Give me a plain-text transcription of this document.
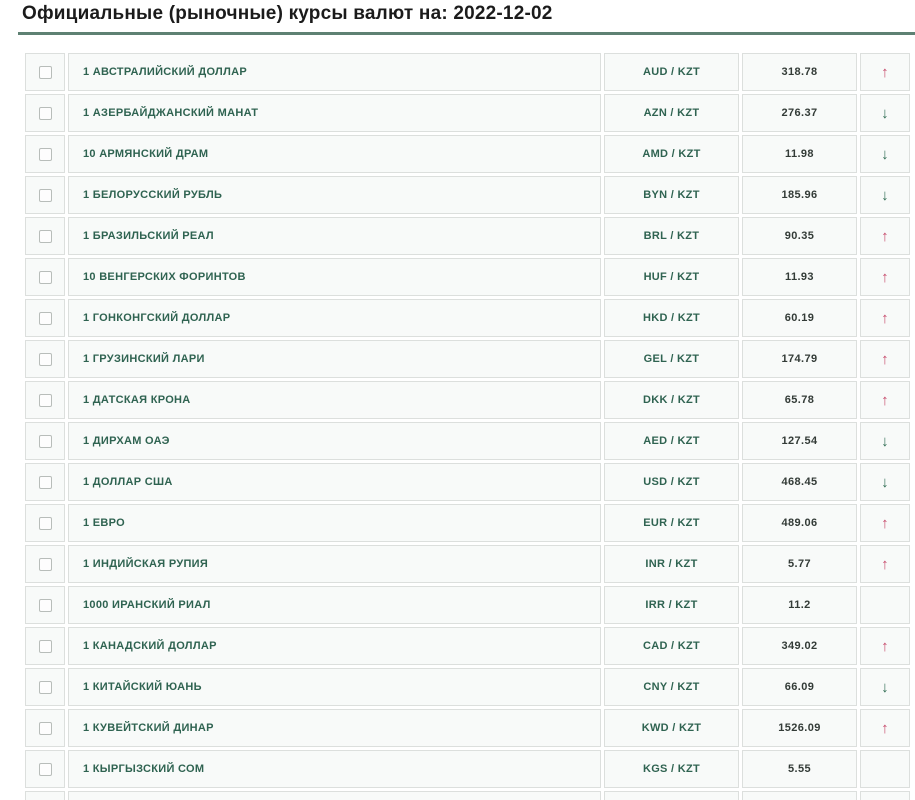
Официальные (рыночные) курсы валют на: 2022-12-02
	1 АВСТРАЛИЙСКИЙ ДОЛЛАР	AUD / KZT	318.78	↑
	1 АЗЕРБАЙДЖАНСКИЙ МАНАТ	AZN / KZT	276.37	↓
	10 АРМЯНСКИЙ ДРАМ	AMD / KZT	11.98	↓
	1 БЕЛОРУССКИЙ РУБЛЬ	BYN / KZT	185.96	↓
	1 БРАЗИЛЬСКИЙ РЕАЛ	BRL / KZT	90.35	↑
	10 ВЕНГЕРСКИХ ФОРИНТОВ	HUF / KZT	11.93	↑
	1 ГОНКОНГСКИЙ ДОЛЛАР	HKD / KZT	60.19	↑
	1 ГРУЗИНСКИЙ ЛАРИ	GEL / KZT	174.79	↑
	1 ДАТСКАЯ КРОНА	DKK / KZT	65.78	↑
	1 ДИРХАМ ОАЭ	AED / KZT	127.54	↓
	1 ДОЛЛАР США	USD / KZT	468.45	↓
	1 ЕВРО	EUR / KZT	489.06	↑
	1 ИНДИЙСКАЯ РУПИЯ	INR / KZT	5.77	↑
	1000 ИРАНСКИЙ РИАЛ	IRR / KZT	11.2	
	1 КАНАДСКИЙ ДОЛЛАР	CAD / KZT	349.02	↑
	1 КИТАЙСКИЙ ЮАНЬ	CNY / KZT	66.09	↓
	1 КУВЕЙТСКИЙ ДИНАР	KWD / KZT	1526.09	↑
	1 КЫРГЫЗСКИЙ СОМ	KGS / KZT	5.55	
